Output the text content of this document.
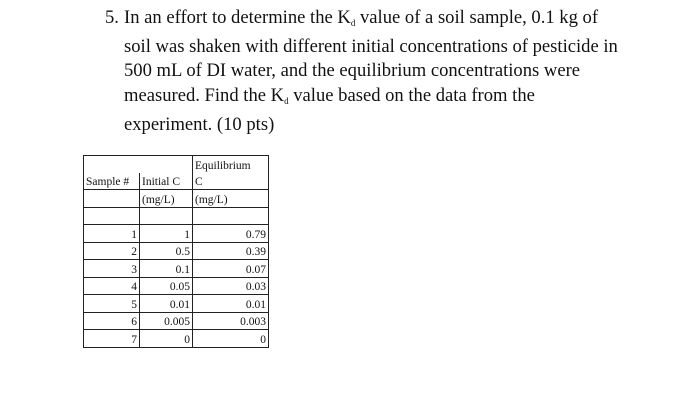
5. In an effort to determine the $K_d$ value of a soil sample, 0.1 kg of soil was shaken with different initial concentrations of pesticide in 500 mL of DI water, and the equilibrium concentrations were measured. Find the $K_d$ value based on the data from the experiment. (10 pts)
		Equilibrium
Sample #	Initial C	C
	(mg/L)	(mg/L)

1	1	0.79
2	0.5	0.39
3	0.1	0.07
4	0.05	0.03
5	0.01	0.01
6	0.005	0.003
7	0	0
